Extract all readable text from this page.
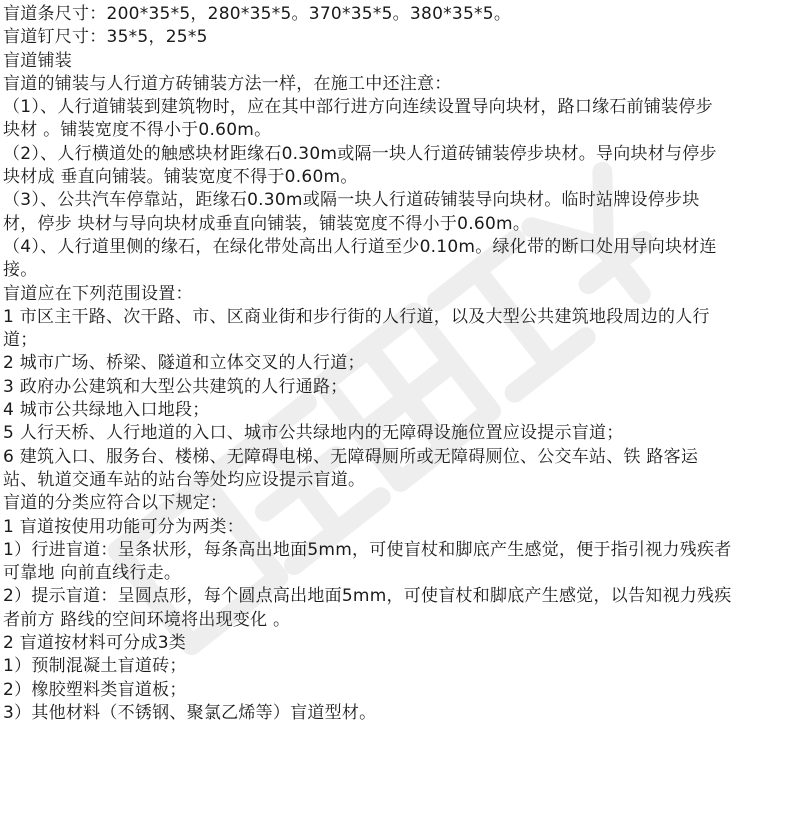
盲道条尺寸：200*35*5，280*35*5。370*35*5。380*35*5。
盲道钉尺寸：35*5，25*5
盲道铺装
盲道的铺装与人行道方砖铺装方法一样，在施工中还注意：
（1）、人行道铺装到建筑物时，应在其中部行进方向连续设置导向块材，路口缘石前铺装停步
块材 。铺装宽度不得小于0.60m。
（2）、人行横道处的触感块材距缘石0.30m或隔一块人行道砖铺装停步块材。导向块材与停步
块材成 垂直向铺装。铺装宽度不得于0.60m。
（3）、公共汽车停靠站，距缘石0.30m或隔一块人行道砖铺装导向块材。临时站牌设停步块
材，停步 块材与导向块材成垂直向铺装，铺装宽度不得小于0.60m。
（4）、人行道里侧的缘石，在绿化带处高出人行道至少0.10m。绿化带的断口处用导向块材连
接。
盲道应在下列范围设置：
1 市区主干路、次干路、市、区商业街和步行街的人行道，以及大型公共建筑地段周边的人行
道；
2 城市广场、桥梁、隧道和立体交叉的人行道；
3 政府办公建筑和大型公共建筑的人行通路；
4 城市公共绿地入口地段；
5 人行天桥、人行地道的入口、城市公共绿地内的无障碍设施位置应设提示盲道；
6 建筑入口、服务台、楼梯、无障碍电梯、无障碍厕所或无障碍厕位、公交车站、铁 路客运
站、轨道交通车站的站台等处均应设提示盲道。
盲道的分类应符合以下规定：
1 盲道按使用功能可分为两类：
1）行进盲道：呈条状形，每条高出地面5mm，可使盲杖和脚底产生感觉，便于指引视力残疾者
可靠地 向前直线行走。
2）提示盲道：呈圆点形，每个圆点高出地面5mm，可使盲杖和脚底产生感觉，以告知视力残疾
者前方 路线的空间环境将出现变化 。
2 盲道按材料可分成3类
1）预制混凝土盲道砖；
2）橡胶塑料类盲道板；
3）其他材料（不锈钢、聚氯乙烯等）盲道型材。
